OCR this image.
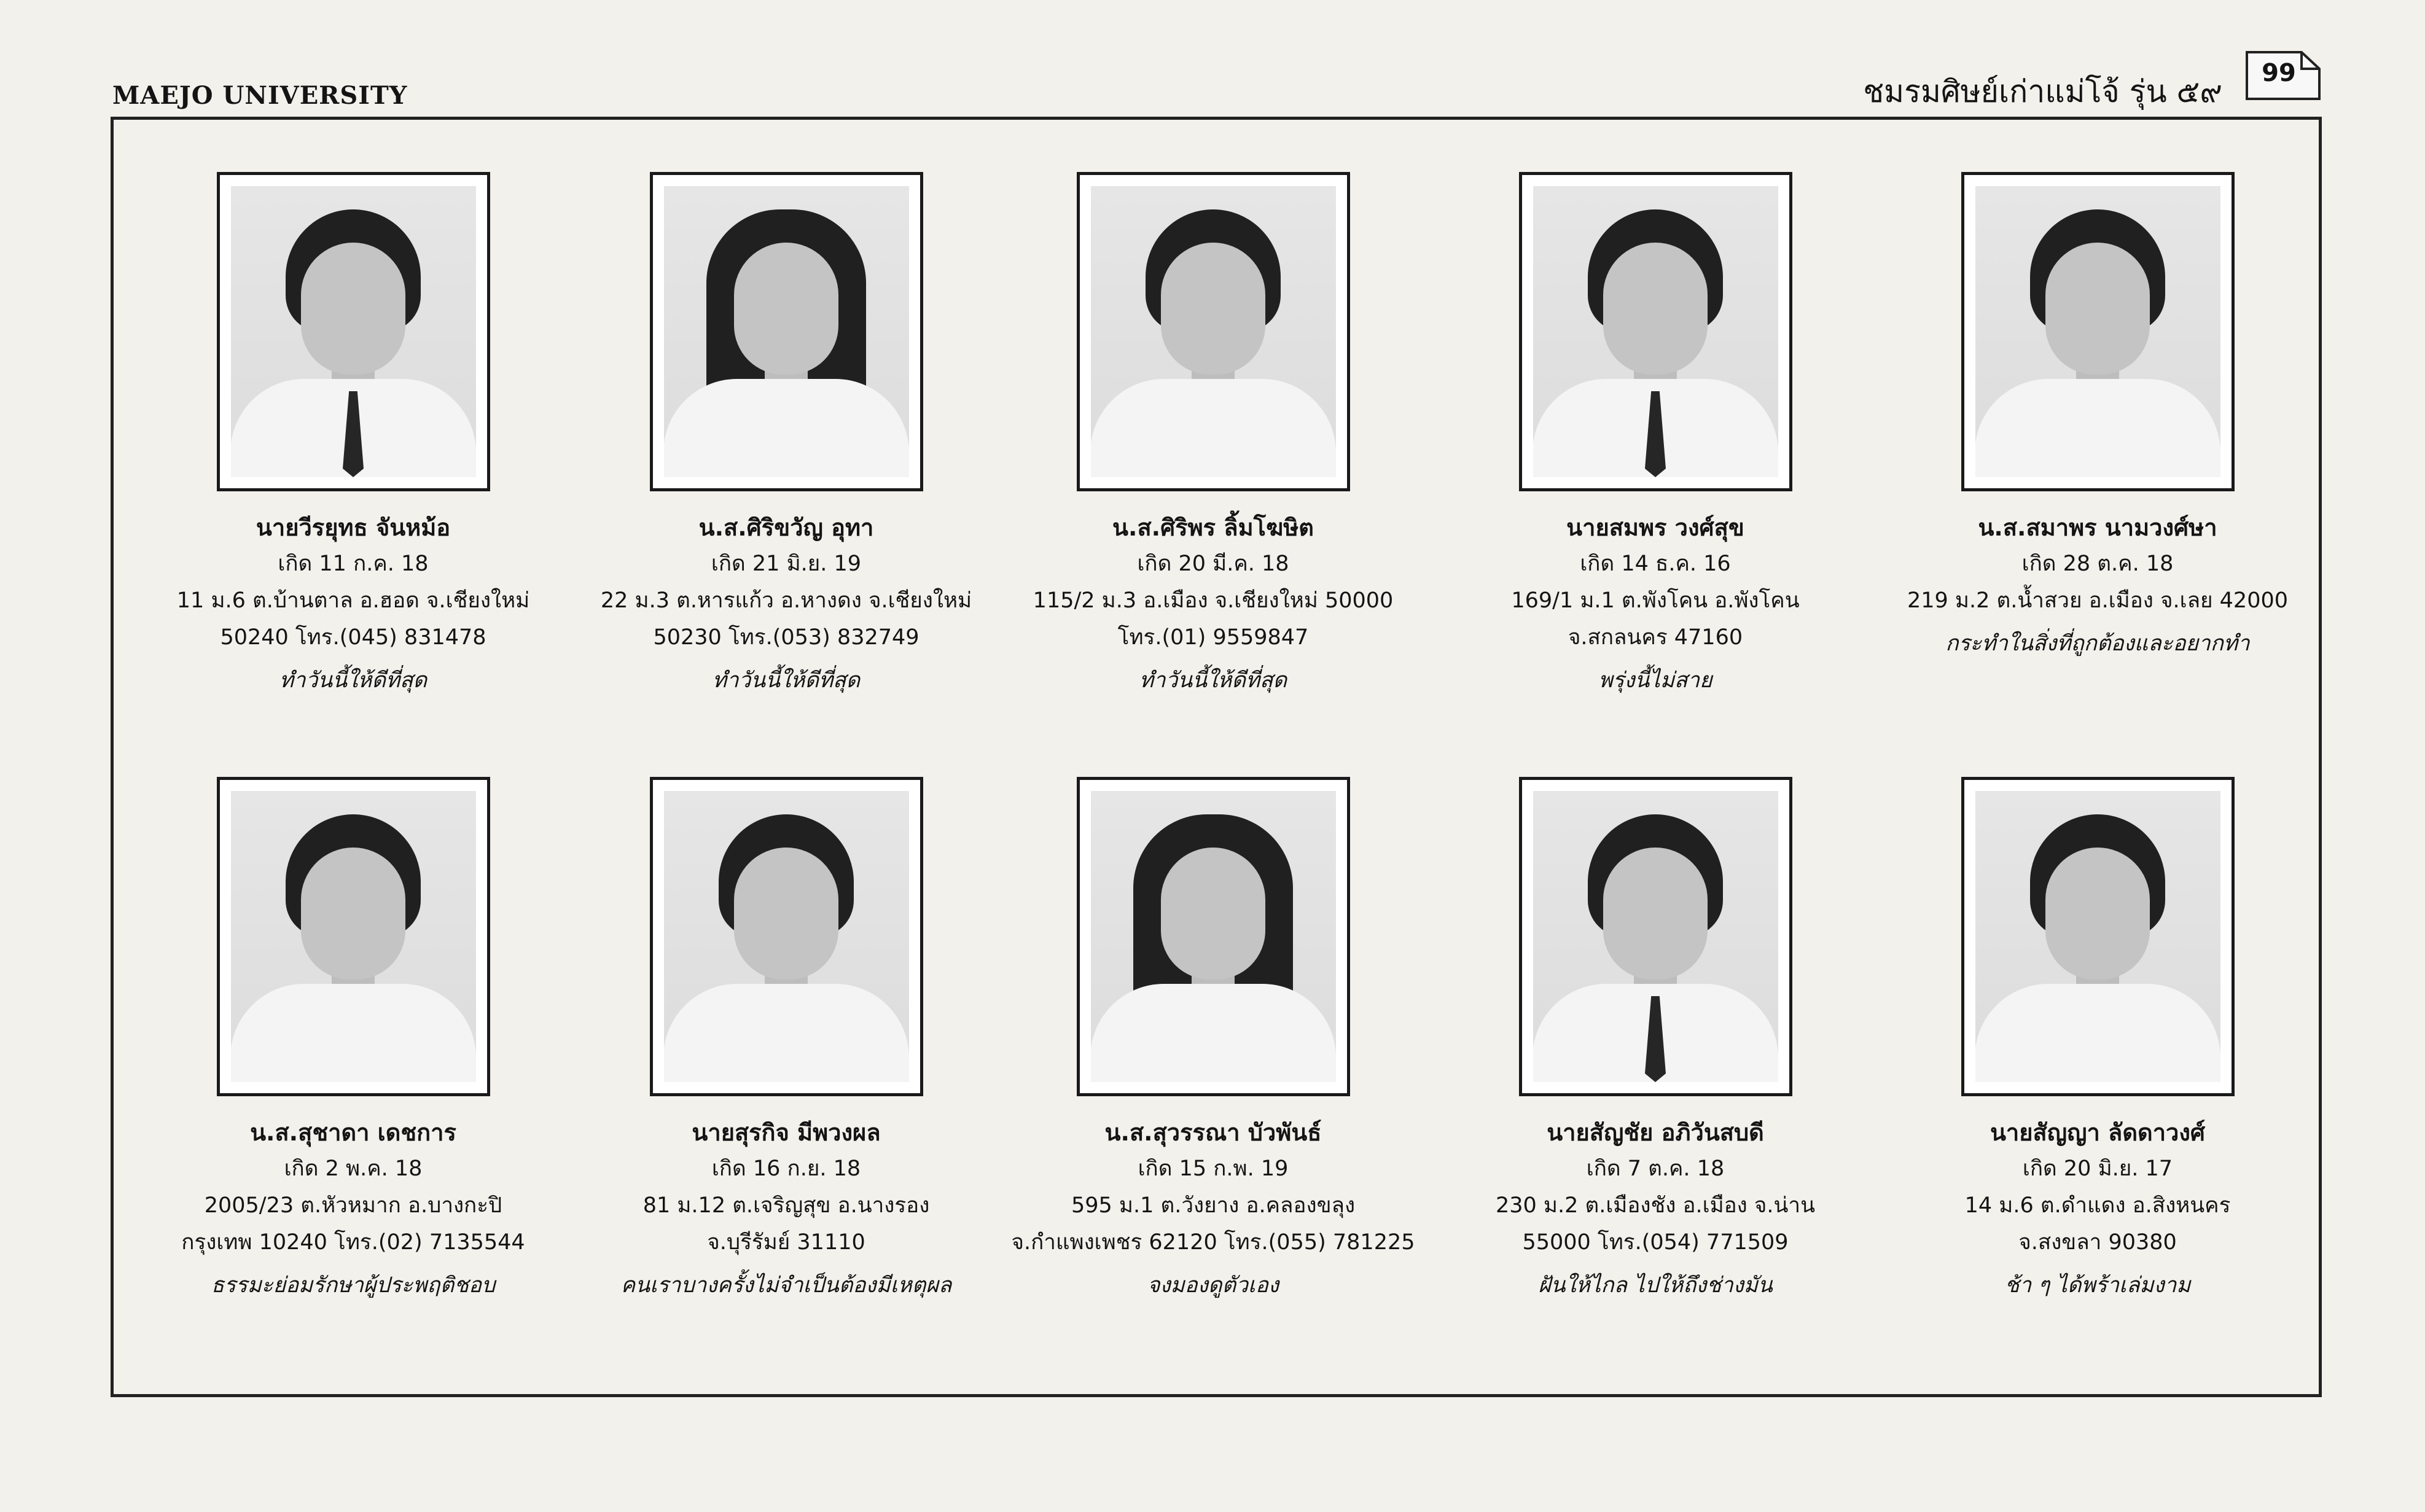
MAEJO UNIVERSITY	ชมรมศิษย์เก่าแม่โจ้ รุ่น ๕๙
99
นายวีรยุทธ จันหม้อ
เกิด 11 ก.ค. 18
11 ม.6 ต.บ้านตาล อ.ฮอด จ.เชียงใหม่
50240 โทร.(045) 831478
ทำวันนี้ให้ดีที่สุด
น.ส.ศิริขวัญ อุทา
เกิด 21 มิ.ย. 19
22 ม.3 ต.หารแก้ว อ.หางดง จ.เชียงใหม่
50230 โทร.(053) 832749
ทำวันนี้ให้ดีที่สุด
น.ส.ศิริพร ลิ้มโฆษิต
เกิด 20 มี.ค. 18
115/2 ม.3 อ.เมือง จ.เชียงใหม่ 50000
โทร.(01) 9559847
ทำวันนี้ให้ดีที่สุด
นายสมพร วงศ์สุข
เกิด 14 ธ.ค. 16
169/1 ม.1 ต.พังโคน อ.พังโคน
จ.สกลนคร 47160
พรุ่งนี้ไม่สาย
น.ส.สมาพร นามวงศ์ษา
เกิด 28 ต.ค. 18
219 ม.2 ต.น้ำสวย อ.เมือง จ.เลย 42000
กระทำในสิ่งที่ถูกต้องและอยากทำ
น.ส.สุชาดา เดชการ
เกิด 2 พ.ค. 18
2005/23 ต.หัวหมาก อ.บางกะปิ
กรุงเทพ 10240 โทร.(02) 7135544
ธรรมะย่อมรักษาผู้ประพฤติชอบ
นายสุรกิจ มีพวงผล
เกิด 16 ก.ย. 18
81 ม.12 ต.เจริญสุข อ.นางรอง
จ.บุรีรัมย์ 31110
คนเราบางครั้งไม่จำเป็นต้องมีเหตุผล
น.ส.สุวรรณา บัวพันธ์
เกิด 15 ก.พ. 19
595 ม.1 ต.วังยาง อ.คลองขลุง
จ.กำแพงเพชร 62120 โทร.(055) 781225
จงมองดูตัวเอง
นายสัญชัย อภิวันสบดี
เกิด 7 ต.ค. 18
230 ม.2 ต.เมืองชัง อ.เมือง จ.น่าน
55000 โทร.(054) 771509
ฝันให้ไกล ไปให้ถึงช่างมัน
นายสัญญา ลัดดาวงศ์
เกิด 20 มิ.ย. 17
14 ม.6 ต.ดำแดง อ.สิงหนคร
จ.สงขลา 90380
ช้า ๆ ได้พร้าเล่มงาม
